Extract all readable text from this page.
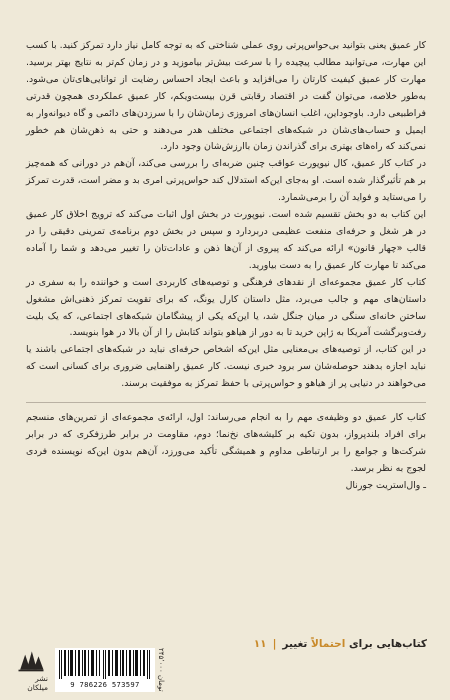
کار عمیق یعنی بتوانید بی‌حواس‌پرتی روی عملی شناختی که به توجه کامل نیاز دارد تمرکز کنید. با کسب این مهارت، می‌توانید مطالب پیچیده را با سرعت بیش‌تر بیاموزید و در زمان کم‌تر به نتایج بهتر برسید. مهارت کار عمیق کیفیت کارتان را می‌افزاید و باعث ایجاد احساس رضایت از توانایی‌های‌تان می‌شود. به‌طور خلاصه، می‌توان گفت در اقتصاد رقابتی قرن بیست‌ویکم، کار عمیق عملکردی همچون قدرتی فراطبیعی دارد. باوجوداین، اغلب انسان‌های امروزی زمان‌شان را با سرزدن‌های دائمی و گاه دیوانه‌وار به ایمیل و حساب‌های‌شان در شبکه‌های اجتماعی مختلف هدر می‌دهند و حتی به ذهن‌شان هم خطور نمی‌کند که راه‌های بهتری برای گذراندن زمان باارزش‌شان وجود دارد.

در کتاب کار عمیق، کال نیوپورت عواقب چنین ضربه‌ای را بررسی می‌کند، آن‌هم در دورانی که همه‌چیز بر هم تأثیرگذار شده است. او به‌جای این‌که استدلال کند حواس‌پرتی امری بد و مضر است، قدرت تمرکز را می‌ستاید و فواید آن را برمی‌شمارد.

این کتاب به دو بخش تقسیم شده است. نیوپورت در بخش اول اثبات می‌کند که ترویج اخلاق کار عمیق در هر شغل و حرفه‌ای منفعت عظیمی دربردارد و سپس در بخش دوم برنامه‌ی تمرینی دقیقی را در قالب «چهار قانون» ارائه می‌کند که پیروی از آن‌ها ذهن و عادات‌تان را تغییر می‌دهد و شما را آماده می‌کند تا مهارت کار عمیق را به دست بیاورید.

کتاب کار عمیق مجموعه‌ای از نقدهای فرهنگی و توصیه‌های کاربردی است و خواننده را به سفری در داستان‌های مهم و جالب می‌برد، مثل داستان کارل یونگ، که برای تقویت تمرکز ذهنی‌اش مشغول ساختن خانه‌ای سنگی در میان جنگل شد، یا این‌که یکی از پیشگامان شبکه‌های اجتماعی، که یک بلیت رفت‌وبرگشت آمریکا به ژاپن خرید تا به دور از هیاهو بتواند کتابش را از آن بالا در هوا بنویسد.

در این کتاب، از توصیه‌های بی‌معنایی مثل این‌که اشخاص حرفه‌ای نباید در شبکه‌های اجتماعی باشند یا نباید اجازه بدهند حوصله‌شان سر برود خبری نیست. کار عمیق راهنمایی ضروری برای کسانی است که می‌خواهند در دنیایی پر از هیاهو و حواس‌پرتی با حفظ تمرکز به موفقیت برسند.

کتاب کار عمیق دو وظیفه‌ی مهم را به انجام می‌رساند: اول، ارائه‌ی مجموعه‌ای از تمرین‌های منسجم برای افراد بلندپرواز، بدون تکیه بر کلیشه‌های نخ‌نما؛ دوم، مقاومت در برابر طرزفکری که در برابر شرکت‌ها و جوامع را بر ارتباطی مداوم و همیشگی تأکید می‌ورزد، آن‌هم بدون این‌که نویسنده فردی لجوج به نظر برسد.

ـ وال‌استریت جورنال

کتاب‌هایی برای احتمالاً تغییر
|
۱۱
نشر میلکان
۲۴۵٬۰۰۰ تومان
9 786226 573597
